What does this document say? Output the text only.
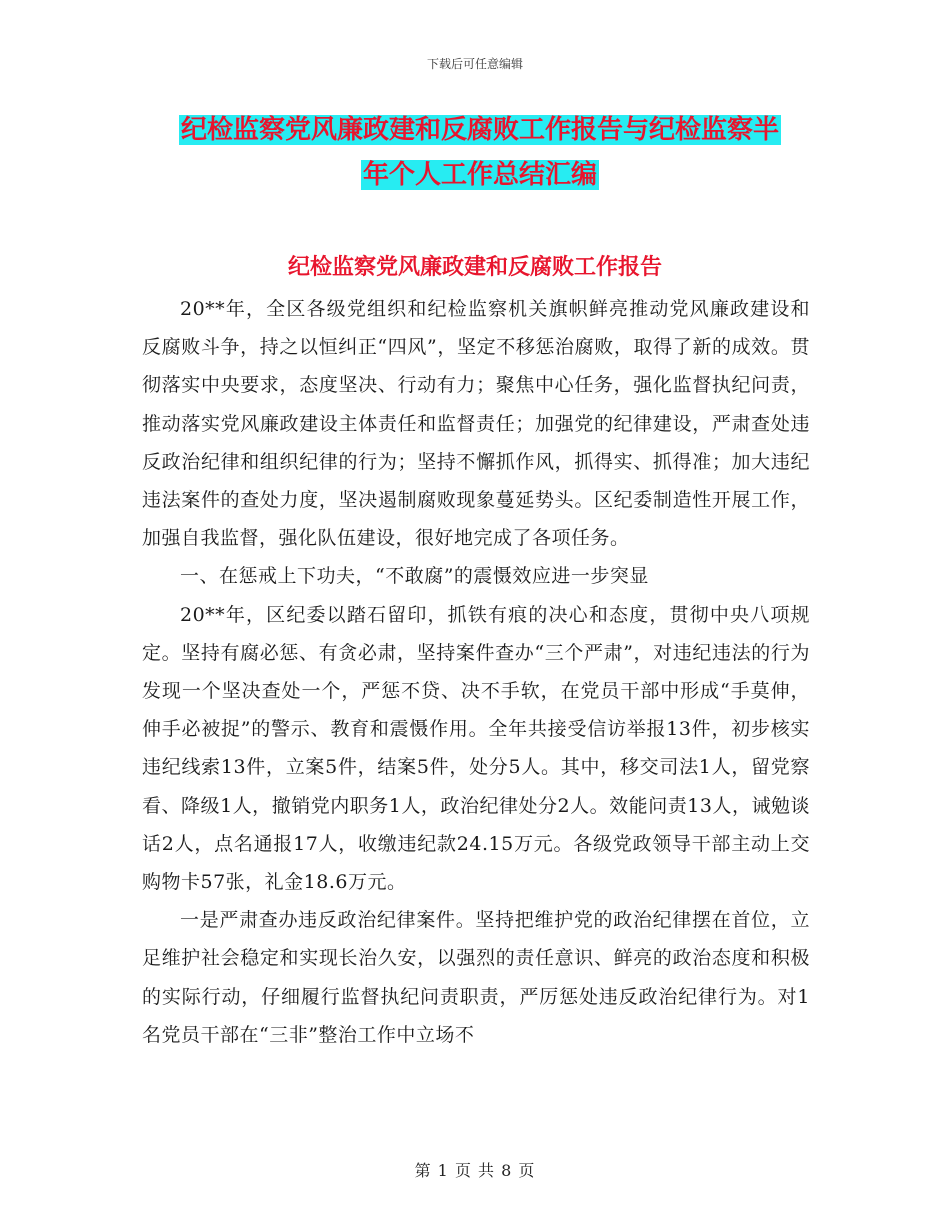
下载后可任意编辑
纪检监察党风廉政建和反腐败工作报告与纪检监察半
年个人工作总结汇编
纪检监察党风廉政建和反腐败工作报告

20**年，全区各级党组织和纪检监察机关旗帜鲜亮推动党风廉政建设和反腐败斗争，持之以恒纠正“四风”，坚定不移惩治腐败，取得了新的成效。贯彻落实中央要求，态度坚决、行动有力；聚焦中心任务，强化监督执纪问责，推动落实党风廉政建设主体责任和监督责任；加强党的纪律建设，严肃查处违反政治纪律和组织纪律的行为；坚持不懈抓作风，抓得实、抓得准；加大违纪违法案件的查处力度，坚决遏制腐败现象蔓延势头。区纪委制造性开展工作，加强自我监督，强化队伍建设，很好地完成了各项任务。

一、在惩戒上下功夫，“不敢腐”的震慑效应进一步突显

20**年，区纪委以踏石留印，抓铁有痕的决心和态度，贯彻中央八项规定。坚持有腐必惩、有贪必肃，坚持案件查办“三个严肃”，对违纪违法的行为发现一个坚决查处一个，严惩不贷、决不手软，在党员干部中形成“手莫伸，伸手必被捉”的警示、教育和震慑作用。全年共接受信访举报13件，初步核实违纪线索13件，立案5件，结案5件，处分5人。其中，移交司法1人，留党察看、降级1人，撤销党内职务1人，政治纪律处分2人。效能问责13人，诫勉谈话2人，点名通报17人，收缴违纪款24.15万元。各级党政领导干部主动上交购物卡57张，礼金18.6万元。

一是严肃查办违反政治纪律案件。坚持把维护党的政治纪律摆在首位，立足维护社会稳定和实现长治久安，以强烈的责任意识、鲜亮的政治态度和积极的实际行动，仔细履行监督执纪问责职责，严厉惩处违反政治纪律行为。对1名党员干部在“三非”整治工作中立场不

第 1 页 共 8 页
